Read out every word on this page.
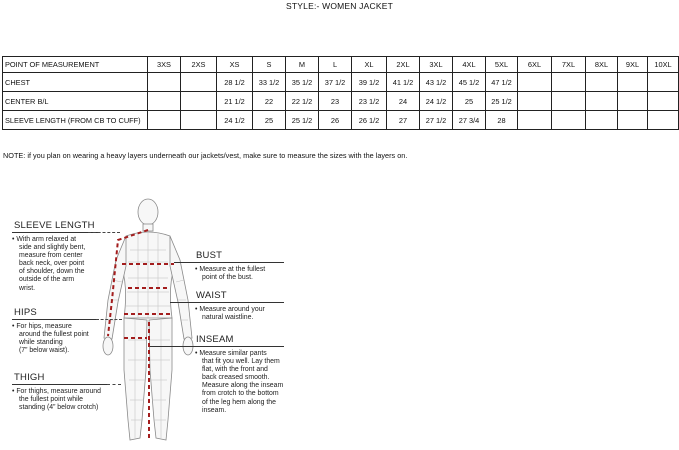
STYLE:- WOMEN JACKET
POINT OF MEASUREMENT	3XS	2XS	XS	S	M	L	XL	2XL	3XL	4XL	5XL	6XL	7XL	8XL	9XL	10XL
CHEST			28 1/2	33 1/2	35 1/2	37 1/2	39 1/2	41 1/2	43 1/2	45 1/2	47 1/2					
CENTER B/L			21 1/2	22	22 1/2	23	23 1/2	24	24 1/2	25	25 1/2					
SLEEVE LENGTH (FROM CB TO CUFF)			24 1/2	25	25 1/2	26	26 1/2	27	27 1/2	27 3/4	28					
NOTE: if you plan on wearing a heavy layers underneath our jackets/vest, make sure to measure the sizes with the layers on.
SLEEVE LENGTH
• With arm relaxed at
side and slightly bent,
measure from center
back neck, over point
of shoulder, down the
outside of the arm
wrist.
HIPS
• For hips, measure
around the fullest point
while standing
(7” below waist).
THIGH
• For thighs, measure around
the fullest point while
standing (4” below crotch)
BUST
• Measure at the fullest
point of the bust.
WAIST
• Measure around your
natural waistline.
INSEAM
• Measure similar pants
that fit you well. Lay them
flat, with the front and
back creased smooth.
Measure along the inseam
from crotch to the bottom
of the leg hem along the
inseam.
